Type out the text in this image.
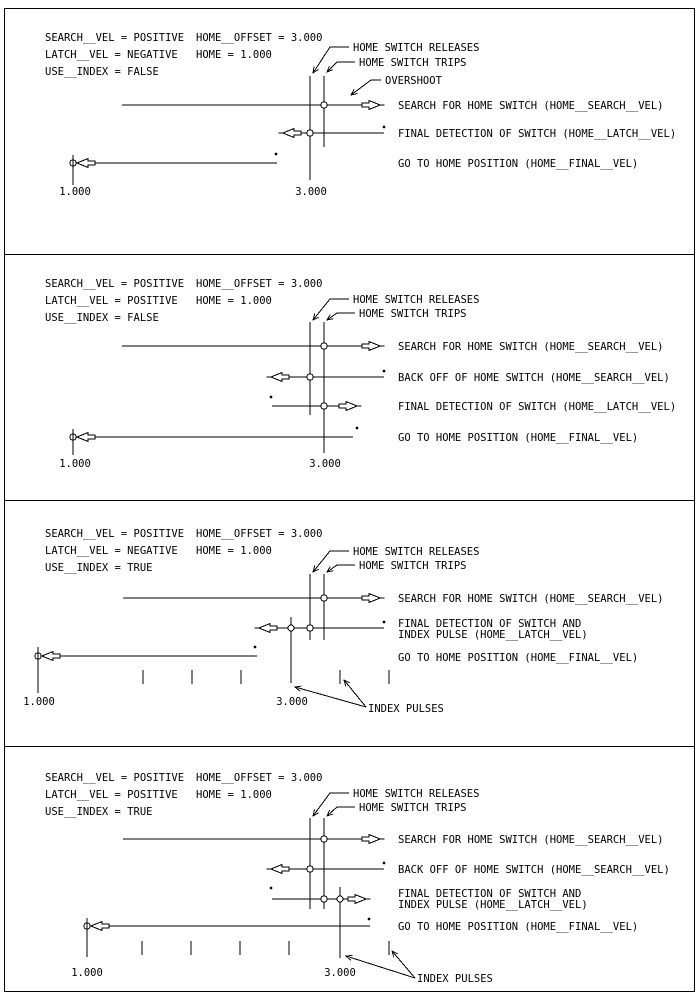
SEARCH__VEL = POSITIVE HOME__OFFSET = 3.000
LATCH__VEL = NEGATIVE HOME = 1.000
USE__INDEX = FALSE
HOME SWITCH RELEASES
HOME SWITCH TRIPS
OVERSHOOT
SEARCH FOR HOME SWITCH (HOME__SEARCH__VEL)
FINAL DETECTION OF SWITCH (HOME__LATCH__VEL)
GO TO HOME POSITION (HOME__FINAL__VEL)
1.000	3.000
SEARCH__VEL = POSITIVE HOME__OFFSET = 3.000
LATCH__VEL = POSITIVE HOME = 1.000
USE__INDEX = FALSE
HOME SWITCH RELEASES
HOME SWITCH TRIPS
SEARCH FOR HOME SWITCH (HOME__SEARCH__VEL)
BACK OFF OF HOME SWITCH (HOME__SEARCH__VEL)
FINAL DETECTION OF SWITCH (HOME__LATCH__VEL)
GO TO HOME POSITION (HOME__FINAL__VEL)
1.000	3.000
SEARCH__VEL = POSITIVE HOME__OFFSET = 3.000
LATCH__VEL = NEGATIVE HOME = 1.000
USE__INDEX = TRUE
HOME SWITCH RELEASES
HOME SWITCH TRIPS
SEARCH FOR HOME SWITCH (HOME__SEARCH__VEL)
FINAL DETECTION OF SWITCH AND
INDEX PULSE (HOME__LATCH__VEL)
GO TO HOME POSITION (HOME__FINAL__VEL)
1.000	3.000
INDEX PULSES
SEARCH__VEL = POSITIVE HOME__OFFSET = 3.000
LATCH__VEL = POSITIVE HOME = 1.000
USE__INDEX = TRUE
HOME SWITCH RELEASES
HOME SWITCH TRIPS
SEARCH FOR HOME SWITCH (HOME__SEARCH__VEL)
BACK OFF OF HOME SWITCH (HOME__SEARCH__VEL)
FINAL DETECTION OF SWITCH AND
INDEX PULSE (HOME__LATCH__VEL)
GO TO HOME POSITION (HOME__FINAL__VEL)
1.000	3.000	INDEX PULSES
